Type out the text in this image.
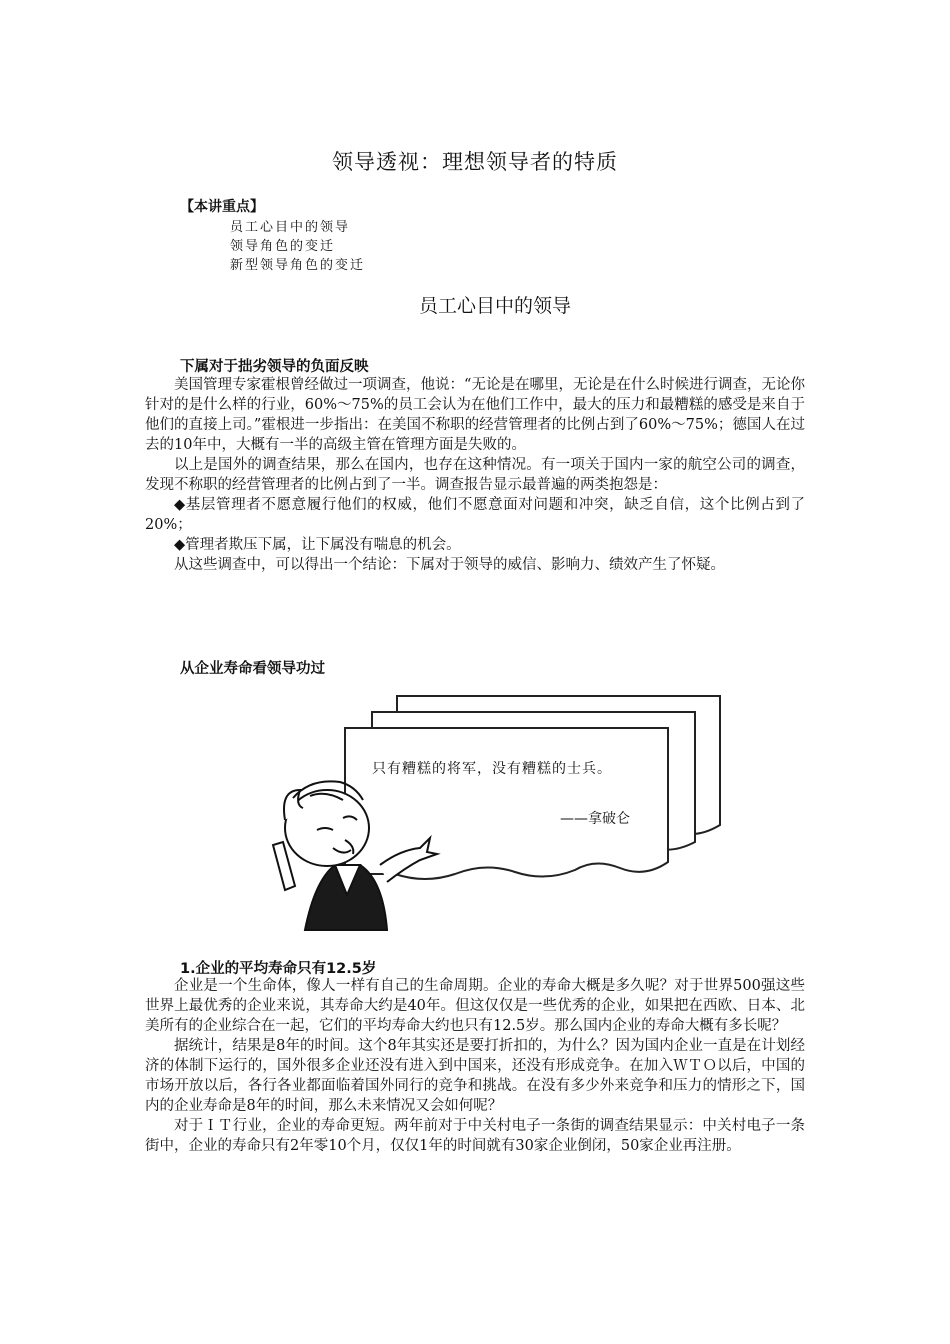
领导透视：理想领导者的特质
【本讲重点】
员工心目中的领导
领导角色的变迁
新型领导角色的变迁
员工心目中的领导
下属对于拙劣领导的负面反映

美国管理专家霍根曾经做过一项调查，他说：“无论是在哪里，无论是在什么时候进行调查，无论你针对的是什么样的行业，60%～75%的员工会认为在他们工作中，最大的压力和最糟糕的感受是来自于他们的直接上司。”霍根进一步指出：在美国不称职的经营管理者的比例占到了60%～75%；德国人在过去的10年中，大概有一半的高级主管在管理方面是失败的。

以上是国外的调查结果，那么在国内，也存在这种情况。有一项关于国内一家的航空公司的调查，发现不称职的经营管理者的比例占到了一半。调查报告显示最普遍的两类抱怨是：

◆基层管理者不愿意履行他们的权威，他们不愿意面对问题和冲突，缺乏自信，这个比例占到了20%；

◆管理者欺压下属，让下属没有喘息的机会。

从这些调查中，可以得出一个结论：下属对于领导的威信、影响力、绩效产生了怀疑。

从企业寿命看领导功过
只有糟糕的将军，没有糟糕的士兵。
——拿破仑
1.企业的平均寿命只有12.5岁

企业是一个生命体，像人一样有自己的生命周期。企业的寿命大概是多久呢？对于世界500强这些世界上最优秀的企业来说，其寿命大约是40年。但这仅仅是一些优秀的企业，如果把在西欧、日本、北美所有的企业综合在一起，它们的平均寿命大约也只有12.5岁。那么国内企业的寿命大概有多长呢？

据统计，结果是8年的时间。这个8年其实还是要打折扣的，为什么？因为国内企业一直是在计划经济的体制下运行的，国外很多企业还没有进入到中国来，还没有形成竞争。在加入ＷＴＯ以后，中国的市场开放以后，各行各业都面临着国外同行的竞争和挑战。在没有多少外来竞争和压力的情形之下，国内的企业寿命是8年的时间，那么未来情况又会如何呢？

对于ＩＴ行业，企业的寿命更短。两年前对于中关村电子一条街的调查结果显示：中关村电子一条街中，企业的寿命只有2年零10个月，仅仅1年的时间就有30家企业倒闭，50家企业再注册。
